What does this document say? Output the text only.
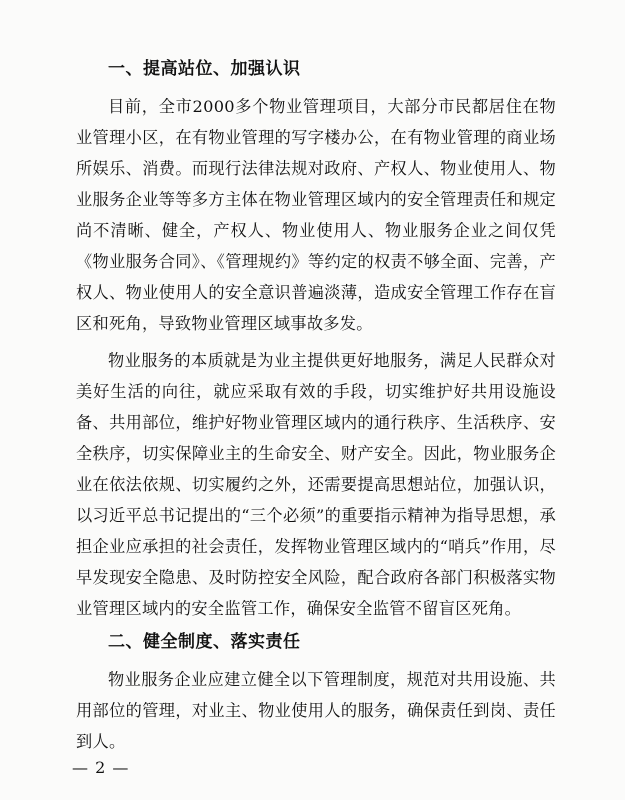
一、提高站位、加强认识

目前，全市2000多个物业管理项目，大部分市民都居住在物业管理小区，在有物业管理的写字楼办公，在有物业管理的商业场所娱乐、消费。而现行法律法规对政府、产权人、物业使用人、物业服务企业等等多方主体在物业管理区域内的安全管理责任和规定尚不清晰、健全，产权人、物业使用人、物业服务企业之间仅凭《物业服务合同》、《管理规约》等约定的权责不够全面、完善，产权人、物业使用人的安全意识普遍淡薄，造成安全管理工作存在盲区和死角，导致物业管理区域事故多发。

物业服务的本质就是为业主提供更好地服务，满足人民群众对美好生活的向往，就应采取有效的手段，切实维护好共用设施设备、共用部位，维护好物业管理区域内的通行秩序、生活秩序、安全秩序，切实保障业主的生命安全、财产安全。因此，物业服务企业在依法依规、切实履约之外，还需要提高思想站位，加强认识，以习近平总书记提出的“三个必须”的重要指示精神为指导思想，承担企业应承担的社会责任，发挥物业管理区域内的“哨兵”作用，尽早发现安全隐患、及时防控安全风险，配合政府各部门积极落实物业管理区域内的安全监管工作，确保安全监管不留盲区死角。

二、健全制度、落实责任

物业服务企业应建立健全以下管理制度，规范对共用设施、共用部位的管理，对业主、物业使用人的服务，确保责任到岗、责任到人。

— 2 —
